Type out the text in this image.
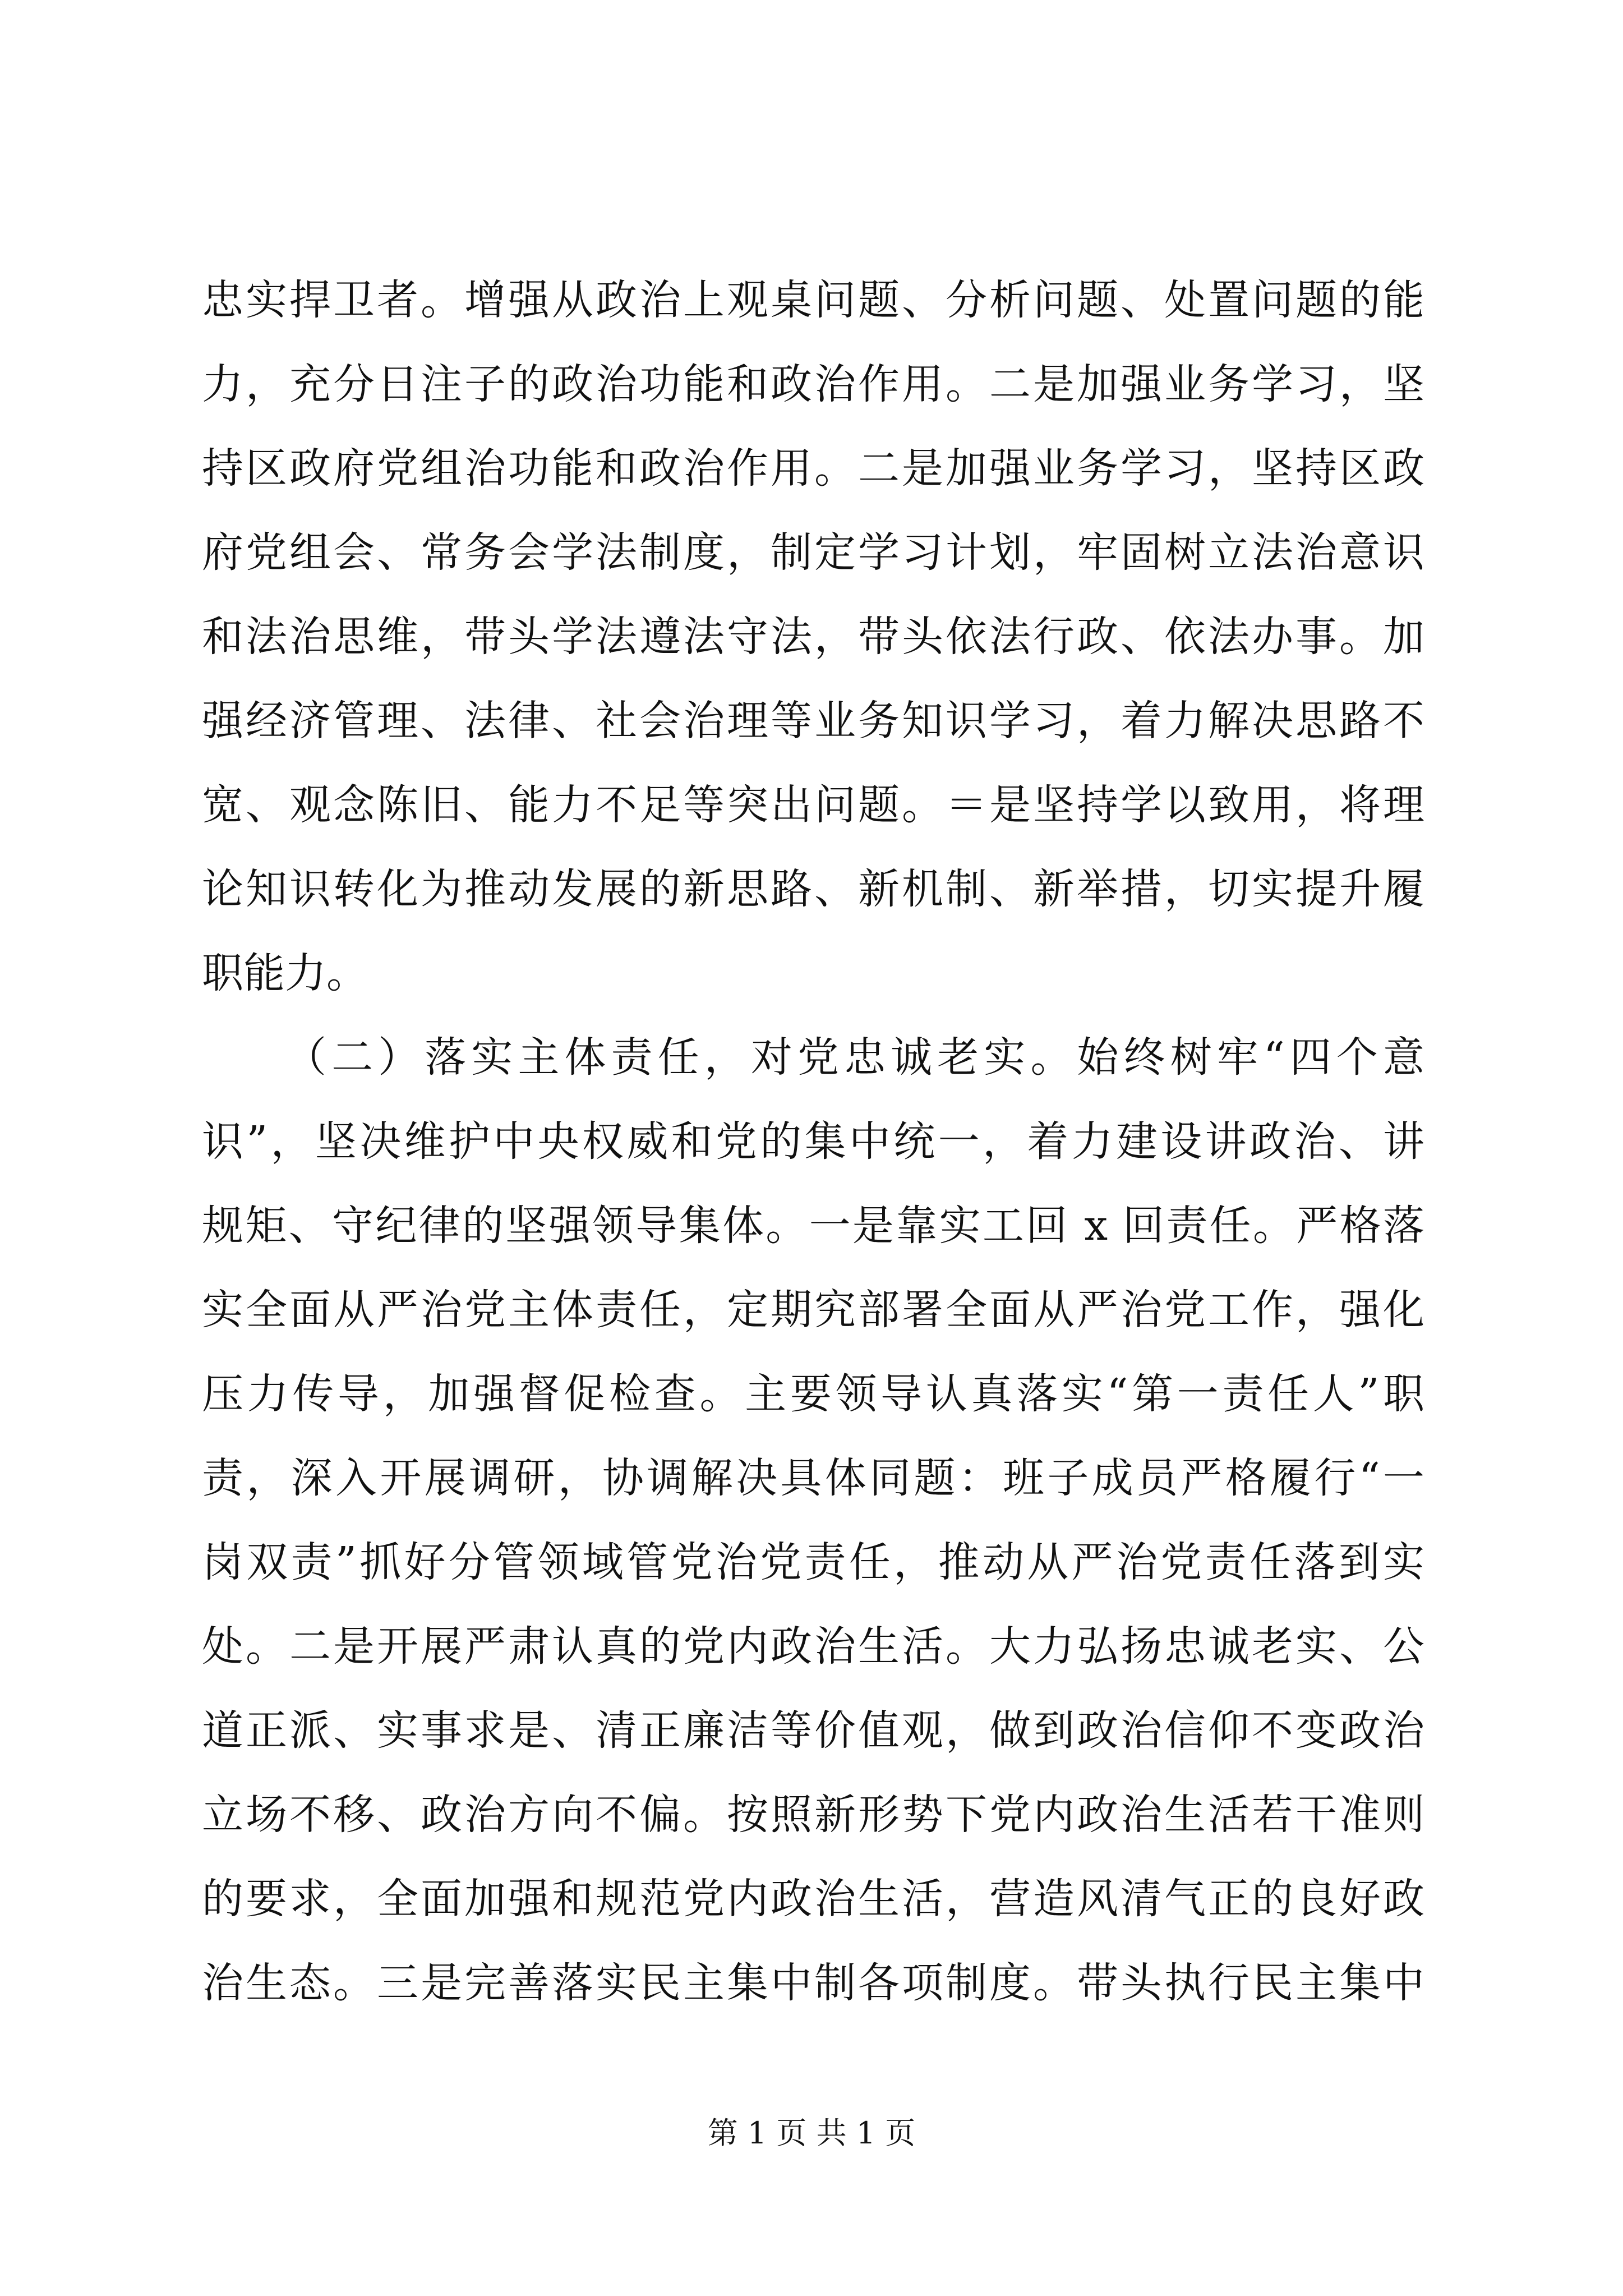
忠实捍卫者。增强从政治上观桌问题、分析问题、处置问题的能
力，充分日注子的政治功能和政治作用。二是加强业务学习，坚
持区政府党组治功能和政治作用。二是加强业务学习，坚持区政
府党组会、常务会学法制度，制定学习计划，牢固树立法治意识
和法治思维，带头学法遵法守法，带头依法行政、依法办事。加
强经济管理、法律、社会治理等业务知识学习，着力解决思路不
宽、观念陈旧、能力不足等突出问题。＝是坚持学以致用，将理
论知识转化为推动发展的新思路、新机制、新举措，切实提升履
职能力。
（二）落实主体责任，对党忠诚老实。始终树牢“四个意
识”，坚决维护中央权威和党的集中统一，着力建设讲政治、讲
规矩、守纪律的坚强领导集体。一是靠实工回 x 回责任。严格落
实全面从严治党主体责任，定期究部署全面从严治党工作，强化
压力传导，加强督促检查。主要领导认真落实“第一责任人”职
责，深入开展调研，协调解决具体同题：班子成员严格履行“一
岗双责”抓好分管领域管党治党责任，推动从严治党责任落到实
处。二是开展严肃认真的党内政治生活。大力弘扬忠诚老实、公
道正派、实事求是、清正廉洁等价值观，做到政治信仰不变政治
立场不移、政治方向不偏。按照新形势下党内政治生活若干准则
的要求，全面加强和规范党内政治生活，营造风清气正的良好政
治生态。三是完善落实民主集中制各项制度。带头执行民主集中
第 1 页 共 1 页
